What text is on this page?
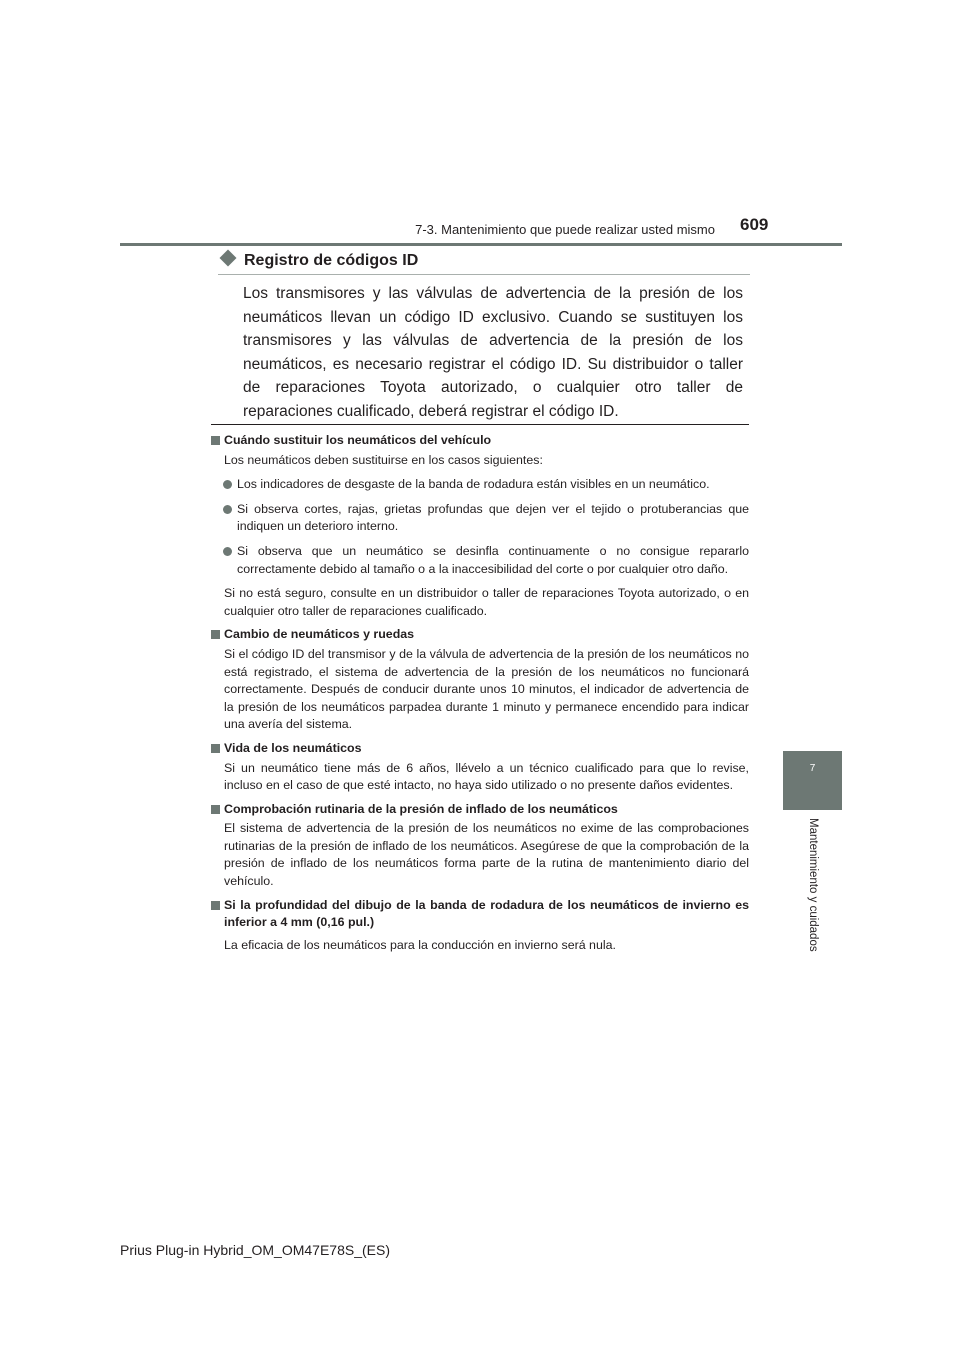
7-3. Mantenimiento que puede realizar usted mismo 609
7
Mantenimiento y cuidados
Registro de códigos ID

Los transmisores y las válvulas de advertencia de la presión de los neumáticos llevan un código ID exclusivo. Cuando se sustituyen los transmisores y las válvulas de advertencia de la presión de los neumáticos, es necesario registrar el código ID. Su distribuidor o taller de reparaciones Toyota autorizado, o cualquier otro taller de reparaciones cualificado, deberá registrar el código ID.

Cuándo sustituir los neumáticos del vehículo

Los neumáticos deben sustituirse en los casos siguientes:

Los indicadores de desgaste de la banda de rodadura están visibles en un neumático.

Si observa cortes, rajas, grietas profundas que dejen ver el tejido o protuberancias que indiquen un deterioro interno.

Si observa que un neumático se desinfla continuamente o no consigue repararlo correctamente debido al tamaño o a la inaccesibilidad del corte o por cualquier otro daño.

Si no está seguro, consulte en un distribuidor o taller de reparaciones Toyota autorizado, o en cualquier otro taller de reparaciones cualificado.

Cambio de neumáticos y ruedas

Si el código ID del transmisor y de la válvula de advertencia de la presión de los neumáticos no está registrado, el sistema de advertencia de la presión de los neumáticos no funcionará correctamente. Después de conducir durante unos 10 minutos, el indicador de advertencia de la presión de los neumáticos parpadea durante 1 minuto y permanece encendido para indicar una avería del sistema.

Vida de los neumáticos

Si un neumático tiene más de 6 años, llévelo a un técnico cualificado para que lo revise, incluso en el caso de que esté intacto, no haya sido utilizado o no presente daños evidentes.

Comprobación rutinaria de la presión de inflado de los neumáticos

El sistema de advertencia de la presión de los neumáticos no exime de las comprobaciones rutinarias de la presión de inflado de los neumáticos. Asegúrese de que la comprobación de la presión de inflado de los neumáticos forma parte de la rutina de mantenimiento diario del vehículo.

Si la profundidad del dibujo de la banda de rodadura de los neumáticos de invierno es inferior a 4 mm (0,16 pul.)

La eficacia de los neumáticos para la conducción en invierno será nula.

Prius Plug-in Hybrid_OM_OM47E78S_(ES)
